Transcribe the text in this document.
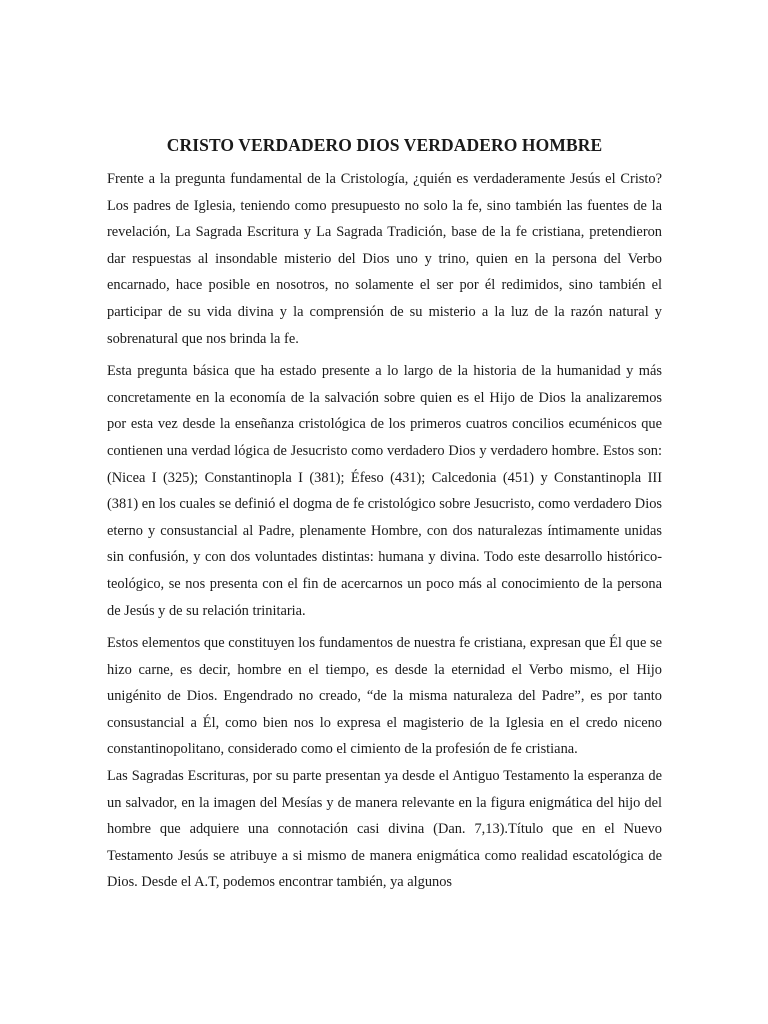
CRISTO VERDADERO DIOS VERDADERO HOMBRE

Frente a la pregunta fundamental de la Cristología, ¿quién es verdaderamente Jesús el Cristo? Los padres de Iglesia, teniendo como presupuesto no solo la fe, sino también las fuentes de la revelación, La Sagrada Escritura y La Sagrada Tradición, base de la fe cristiana, pretendieron dar respuestas al insondable misterio del Dios uno y trino, quien en la persona del Verbo encarnado, hace posible en nosotros, no solamente el ser por él redimidos, sino también el participar de su vida divina y la comprensión de su misterio a la luz de la razón natural y sobrenatural que nos brinda la fe.

Esta pregunta básica que ha estado presente a lo largo de la historia de la humanidad y más concretamente en la economía de la salvación sobre quien es el Hijo de Dios la analizaremos por esta vez desde la enseñanza cristológica de los primeros cuatros concilios ecuménicos que contienen una verdad lógica de Jesucristo como verdadero Dios y verdadero hombre. Estos son: (Nicea I (325); Constantinopla I (381); Éfeso (431); Calcedonia (451) y Constantinopla III (381) en los cuales se definió el dogma de fe cristológico sobre Jesucristo, como verdadero Dios eterno y consustancial al Padre, plenamente Hombre, con dos naturalezas íntimamente unidas sin confusión, y con dos voluntades distintas: humana y divina. Todo este desarrollo histórico-teológico, se nos presenta con el fin de acercarnos un poco más al conocimiento de la persona de Jesús y de su relación trinitaria.

Estos elementos que constituyen los fundamentos de nuestra fe cristiana, expresan que Él que se hizo carne, es decir, hombre en el tiempo, es desde la eternidad el Verbo mismo, el Hijo unigénito de Dios. Engendrado no creado, “de la misma naturaleza del Padre”, es por tanto consustancial a Él, como bien nos lo expresa el magisterio de la Iglesia en el credo niceno constantinopolitano, considerado como el cimiento de la profesión de fe cristiana.

Las Sagradas Escrituras, por su parte presentan ya desde el Antiguo Testamento la esperanza de un salvador, en la imagen del Mesías y de manera relevante en la figura enigmática del hijo del hombre que adquiere una connotación casi divina (Dan. 7,13).Título que en el Nuevo Testamento Jesús se atribuye a si mismo de manera enigmática como realidad escatológica de Dios. Desde el A.T, podemos encontrar también, ya algunos
